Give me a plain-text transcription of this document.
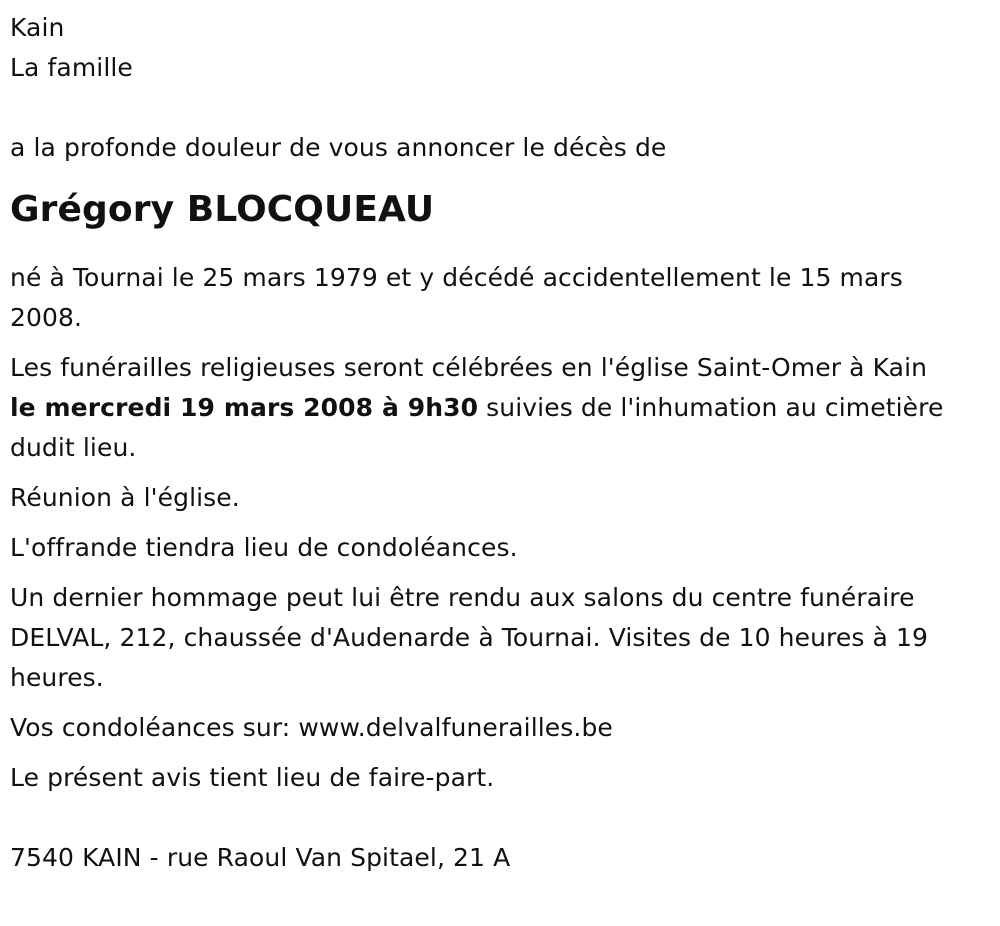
Kain

La famille

a la profonde douleur de vous annoncer le décès de

Grégory BLOCQUEAU

né à Tournai le 25 mars 1979 et y décédé accidentellement le 15 mars

2008.

Les funérailles religieuses seront célébrées en l'église Saint-Omer à Kain

le mercredi 19 mars 2008 à 9h30 suivies de l'inhumation au cimetière

dudit lieu.

Réunion à l'église.

L'offrande tiendra lieu de condoléances.

Un dernier hommage peut lui être rendu aux salons du centre funéraire

DELVAL, 212, chaussée d'Audenarde à Tournai. Visites de 10 heures à 19

heures.

Vos condoléances sur: www.delvalfunerailles.be

Le présent avis tient lieu de faire-part.

7540 KAIN - rue Raoul Van Spitael, 21 A
